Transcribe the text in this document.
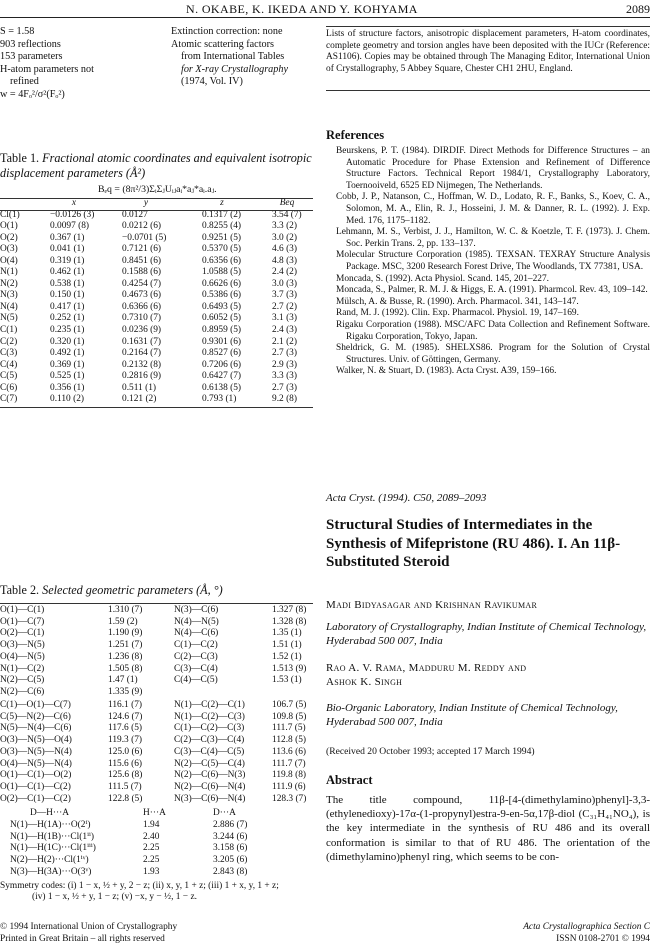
N. OKABE, K. IKEDA AND Y. KOHYAMA	2089
S = 1.58
903 reflections
153 parameters
H-atom parameters not
refined
w = 4Fₒ²/σ²(Fₒ²)
Extinction correction: none
Atomic scattering factors
from International Tables
for X-ray Crystallography
(1974, Vol. IV)
Table 1. Fractional atomic coordinates and equivalent isotropic displacement parameters (Å²)
Bₑq = (8π²/3)ΣᵢΣⱼUᵢⱼaᵢ*aⱼ*aᵢ.aⱼ.
	x	y	z	Beq
Cl(1)	−0.0126 (3)	0.0127	0.1317 (2)	3.54 (7)
O(1)	0.0097 (8)	0.0212 (6)	0.8255 (4)	3.3 (2)
O(2)	0.367 (1)	−0.0701 (5)	0.9251 (5)	3.0 (2)
O(3)	0.041 (1)	0.7121 (6)	0.5370 (5)	4.6 (3)
O(4)	0.319 (1)	0.8451 (6)	0.6356 (6)	4.8 (3)
N(1)	0.462 (1)	0.1588 (6)	1.0588 (5)	2.4 (2)
N(2)	0.538 (1)	0.4254 (7)	0.6626 (6)	3.0 (3)
N(3)	0.150 (1)	0.4673 (6)	0.5386 (6)	3.7 (3)
N(4)	0.417 (1)	0.6366 (6)	0.6493 (5)	2.7 (2)
N(5)	0.252 (1)	0.7310 (7)	0.6052 (5)	3.1 (3)
C(1)	0.235 (1)	0.0236 (9)	0.8959 (5)	2.4 (3)
C(2)	0.320 (1)	0.1631 (7)	0.9301 (6)	2.1 (2)
C(3)	0.492 (1)	0.2164 (7)	0.8527 (6)	2.7 (3)
C(4)	0.369 (1)	0.2132 (8)	0.7206 (6)	2.9 (3)
C(5)	0.525 (1)	0.2816 (9)	0.6427 (7)	3.3 (3)
C(6)	0.356 (1)	0.511 (1)	0.6138 (5)	2.7 (3)
C(7)	0.110 (2)	0.121 (2)	0.793 (1)	9.2 (8)
Table 2. Selected geometric parameters (Å, °)
O(1)—C(1)	1.310 (7)	N(3)—C(6)	1.327 (8)
O(1)—C(7)	1.59 (2)	N(4)—N(5)	1.328 (8)
O(2)—C(1)	1.190 (9)	N(4)—C(6)	1.35 (1)
O(3)—N(5)	1.251 (7)	C(1)—C(2)	1.51 (1)
O(4)—N(5)	1.236 (8)	C(2)—C(3)	1.52 (1)
N(1)—C(2)	1.505 (8)	C(3)—C(4)	1.513 (9)
N(2)—C(5)	1.47 (1)	C(4)—C(5)	1.53 (1)
N(2)—C(6)	1.335 (9)		
C(1)—O(1)—C(7)	116.1 (7)	N(1)—C(2)—C(1)	106.7 (5)
C(5)—N(2)—C(6)	124.6 (7)	N(1)—C(2)—C(3)	109.8 (5)
N(5)—N(4)—C(6)	117.6 (5)	C(1)—C(2)—C(3)	111.7 (5)
O(3)—N(5)—O(4)	119.3 (7)	C(2)—C(3)—C(4)	112.8 (5)
O(3)—N(5)—N(4)	125.0 (6)	C(3)—C(4)—C(5)	113.6 (6)
O(4)—N(5)—N(4)	115.6 (6)	N(2)—C(5)—C(4)	111.7 (7)
O(1)—C(1)—O(2)	125.6 (8)	N(2)—C(6)—N(3)	119.8 (8)
O(1)—C(1)—C(2)	111.5 (7)	N(2)—C(6)—N(4)	111.9 (6)
O(2)—C(1)—C(2)	122.8 (5)	N(3)—C(6)—N(4)	128.3 (7)
D—H···A	H···A	D···A
N(1)—H(1A)···O(2ⁱ)	1.94	2.886 (7)
N(1)—H(1B)···Cl(1ⁱⁱ)	2.40	3.244 (6)
N(1)—H(1C)···Cl(1ⁱⁱⁱ)	2.25	3.158 (6)
N(2)—H(2)···Cl(1ⁱᵛ)	2.25	3.205 (6)
N(3)—H(3A)···O(3ᵛ)	1.93	2.843 (8)
Symmetry codes: (i) 1 − x, ½ + y, 2 − z; (ii) x, y, 1 + z; (iii) 1 + x, y, 1 + z;
(iv) 1 − x, ½ + y, 1 − z; (v) −x, y − ½, 1 − z.
© 1994 International Union of Crystallography
Printed in Great Britain – all rights reserved
Acta Crystallographica Section C
ISSN 0108-2701 © 1994
Lists of structure factors, anisotropic displacement parameters, H-atom coordinates, complete geometry and torsion angles have been deposited with the IUCr (Reference: AS1106). Copies may be obtained through The Managing Editor, International Union of Crystallography, 5 Abbey Square, Chester CH1 2HU, England.
References
Beurskens, P. T. (1984). DIRDIF. Direct Methods for Difference Structures – an Automatic Procedure for Phase Extension and Refinement of Difference Structure Factors. Technical Report 1984/1, Crystallography Laboratory, Toernooiveld, 6525 ED Nijmegen, The Netherlands.
Cobb, J. P., Natanson, C., Hoffman, W. D., Lodato, R. F., Banks, S., Koev, C. A., Solomon, M. A., Elin, R. J., Hosseini, J. M. & Danner, R. L. (1992). J. Exp. Med. 176, 1175–1182.
Lehmann, M. S., Verbist, J. J., Hamilton, W. C. & Koetzle, T. F. (1973). J. Chem. Soc. Perkin Trans. 2, pp. 133–137.
Molecular Structure Corporation (1985). TEXSAN. TEXRAY Structure Analysis Package. MSC, 3200 Research Forest Drive, The Woodlands, TX 77381, USA.
Moncada, S. (1992). Acta Physiol. Scand. 145, 201–227.
Moncada, S., Palmer, R. M. J. & Higgs, E. A. (1991). Pharmcol. Rev. 43, 109–142.
Mülsch, A. & Busse, R. (1990). Arch. Pharmacol. 341, 143–147.
Rand, M. J. (1992). Clin. Exp. Pharmacol. Physiol. 19, 147–169.
Rigaku Corporation (1988). MSC/AFC Data Collection and Refinement Software. Rigaku Corporation, Tokyo, Japan.
Sheldrick, G. M. (1985). SHELXS86. Program for the Solution of Crystal Structures. Univ. of Göttingen, Germany.
Walker, N. & Stuart, D. (1983). Acta Cryst. A39, 159–166.
Acta Cryst. (1994). C50, 2089–2093
Structural Studies of Intermediates in the Synthesis of Mifepristone (RU 486). I. An 11β-Substituted Steroid
Madi Bidyasagar and Krishnan Ravikumar
Laboratory of Crystallography, Indian Institute of Chemical Technology, Hyderabad 500 007, India
Rao A. V. Rama, Madduru M. Reddy and Ashok K. Singh
Bio-Organic Laboratory, Indian Institute of Chemical Technology, Hyderabad 500 007, India
(Received 20 October 1993; accepted 17 March 1994)
Abstract
The title compound, 11β-[4-(dimethylamino)phenyl]-3,3-(ethylenedioxy)-17α-(1-propynyl)estra-9-en-5α,17β-diol (C₃₁H₄₁NO₄), is the key intermediate in the synthesis of RU 486 and its overall conformation is similar to that of RU 486. The orientation of the (dimethylamino)phenyl ring, which seems to be con-
